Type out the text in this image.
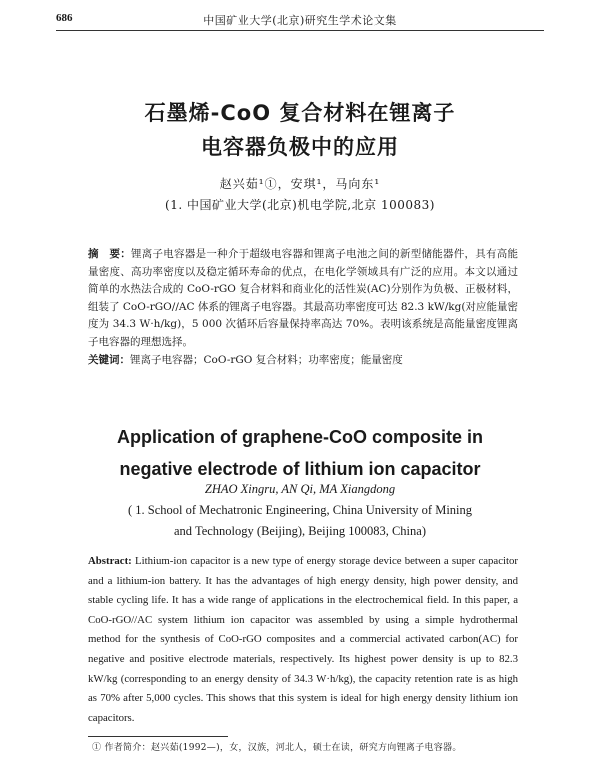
686	中国矿业大学(北京)研究生学术论文集
石墨烯-CoO 复合材料在锂离子
电容器负极中的应用
赵兴茹¹①，安琪¹，马向东¹
(1. 中国矿业大学(北京)机电学院,北京 100083)
摘　要：锂离子电容器是一种介于超级电容器和锂离子电池之间的新型储能器件，具有高能量密度、高功率密度以及稳定循环寿命的优点，在电化学领域具有广泛的应用。本文以通过简单的水热法合成的 CoO-rGO 复合材料和商业化的活性炭(AC)分别作为负极、正极材料，组装了 CoO-rGO//AC 体系的锂离子电容器。其最高功率密度可达 82.3 kW/kg(对应能量密度为 34.3 W·h/kg)，5 000 次循环后容量保持率高达 70%。表明该系统是高能量密度锂离子电容器的理想选择。
关键词：锂离子电容器；CoO-rGO 复合材料；功率密度；能量密度
Application of graphene-CoO composite in
negative electrode of lithium ion capacitor
ZHAO Xingru, AN Qi, MA Xiangdong
( 1. School of Mechatronic Engineering, China University of Mining
and Technology (Beijing), Beijing 100083, China)
Abstract: Lithium-ion capacitor is a new type of energy storage device between a super capacitor and a lithium-ion battery. It has the advantages of high energy density, high power density, and stable cycling life. It has a wide range of applications in the electrochemical field. In this paper, a CoO-rGO//AC system lithium ion capacitor was assembled by using a simple hydrothermal method for the synthesis of CoO-rGO composites and a commercial activated carbon(AC) for negative and positive electrode materials, respectively. Its highest power density is up to 82.3 kW/kg (corresponding to an energy density of 34.3 W·h/kg), the capacity retention rate is as high as 70% after 5,000 cycles. This shows that this system is ideal for high energy density lithium ion capacitors.
① 作者简介：赵兴茹(1992—)，女，汉族，河北人，硕士在读，研究方向锂离子电容器。
